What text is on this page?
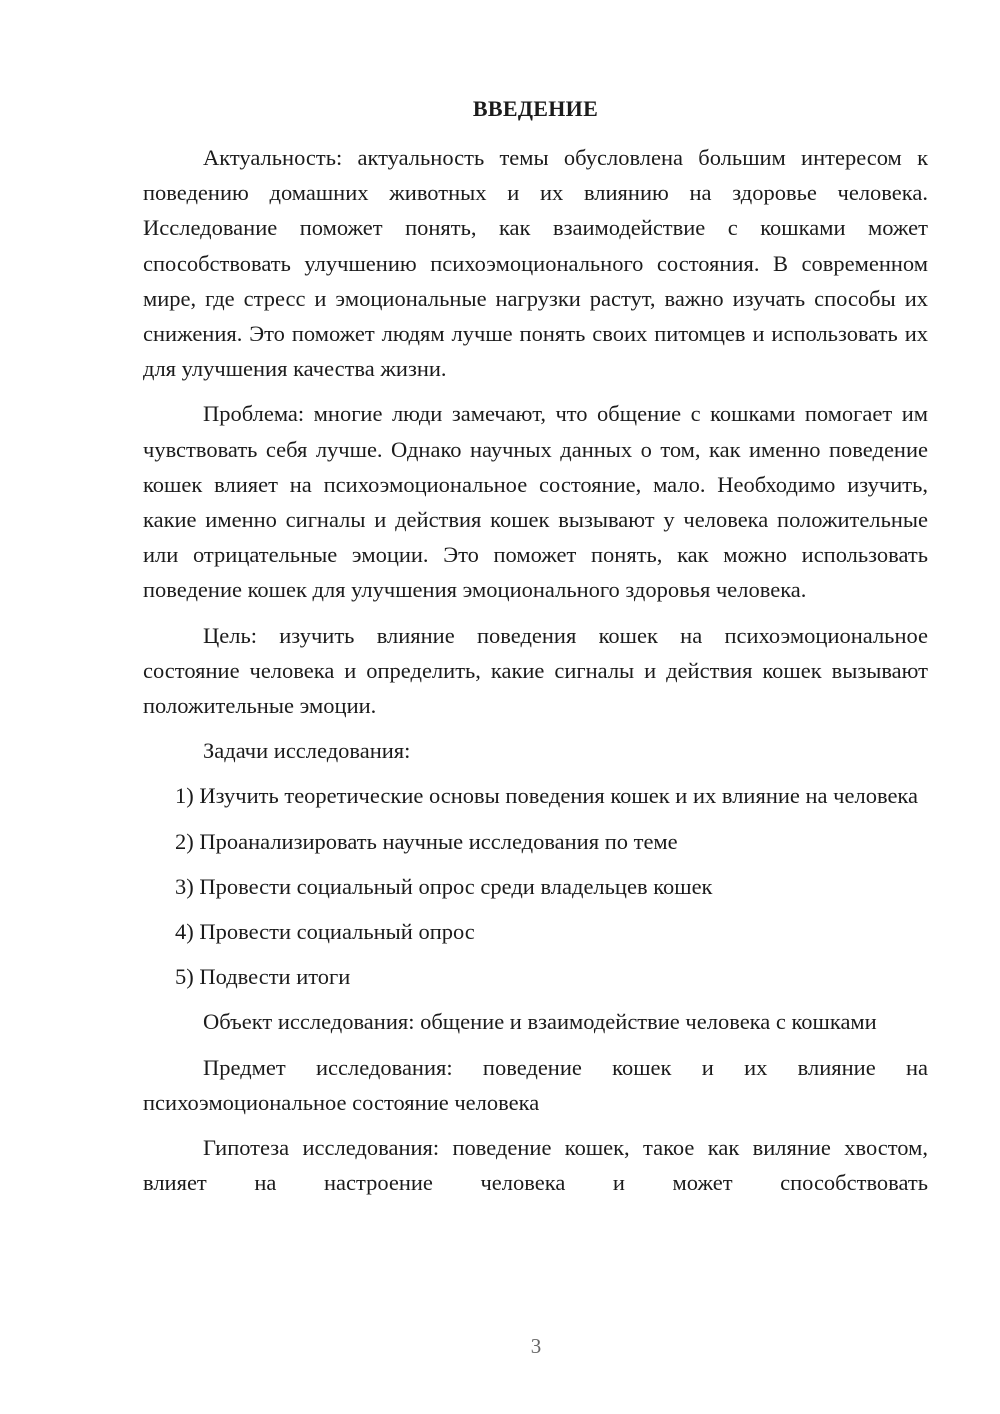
ВВЕДЕНИЕ

Актуальность: актуальность темы обусловлена большим интересом к поведению домашних животных и их влиянию на здоровье человека. Исследование поможет понять, как взаимодействие с кошками может способствовать улучшению психоэмоционального состояния. В современном мире, где стресс и эмоциональные нагрузки растут, важно изучать способы их снижения. Это поможет людям лучше понять своих питомцев и использовать их для улучшения качества жизни.

Проблема: многие люди замечают, что общение с кошками помогает им чувствовать себя лучше. Однако научных данных о том, как именно поведение кошек влияет на психоэмоциональное состояние, мало. Необходимо изучить, какие именно сигналы и действия кошек вызывают у человека положительные или отрицательные эмоции. Это поможет понять, как можно использовать поведение кошек для улучшения эмоционального здоровья человека.

Цель: изучить влияние поведения кошек на психоэмоциональное состояние человека и определить, какие сигналы и действия кошек вызывают положительные эмоции.

Задачи исследования:

1) Изучить теоретические основы поведения кошек и их влияние на человека

2) Проанализировать научные исследования по теме

3) Провести социальный опрос среди владельцев кошек

4) Провести социальный опрос

5) Подвести итоги

Объект исследования: общение и взаимодействие человека с кошками

Предмет исследования: поведение кошек и их влияние на психоэмоциональное состояние человека

Гипотеза исследования: поведение кошек, такое как виляние хвостом, влияет на настроение человека и может способствовать

3
